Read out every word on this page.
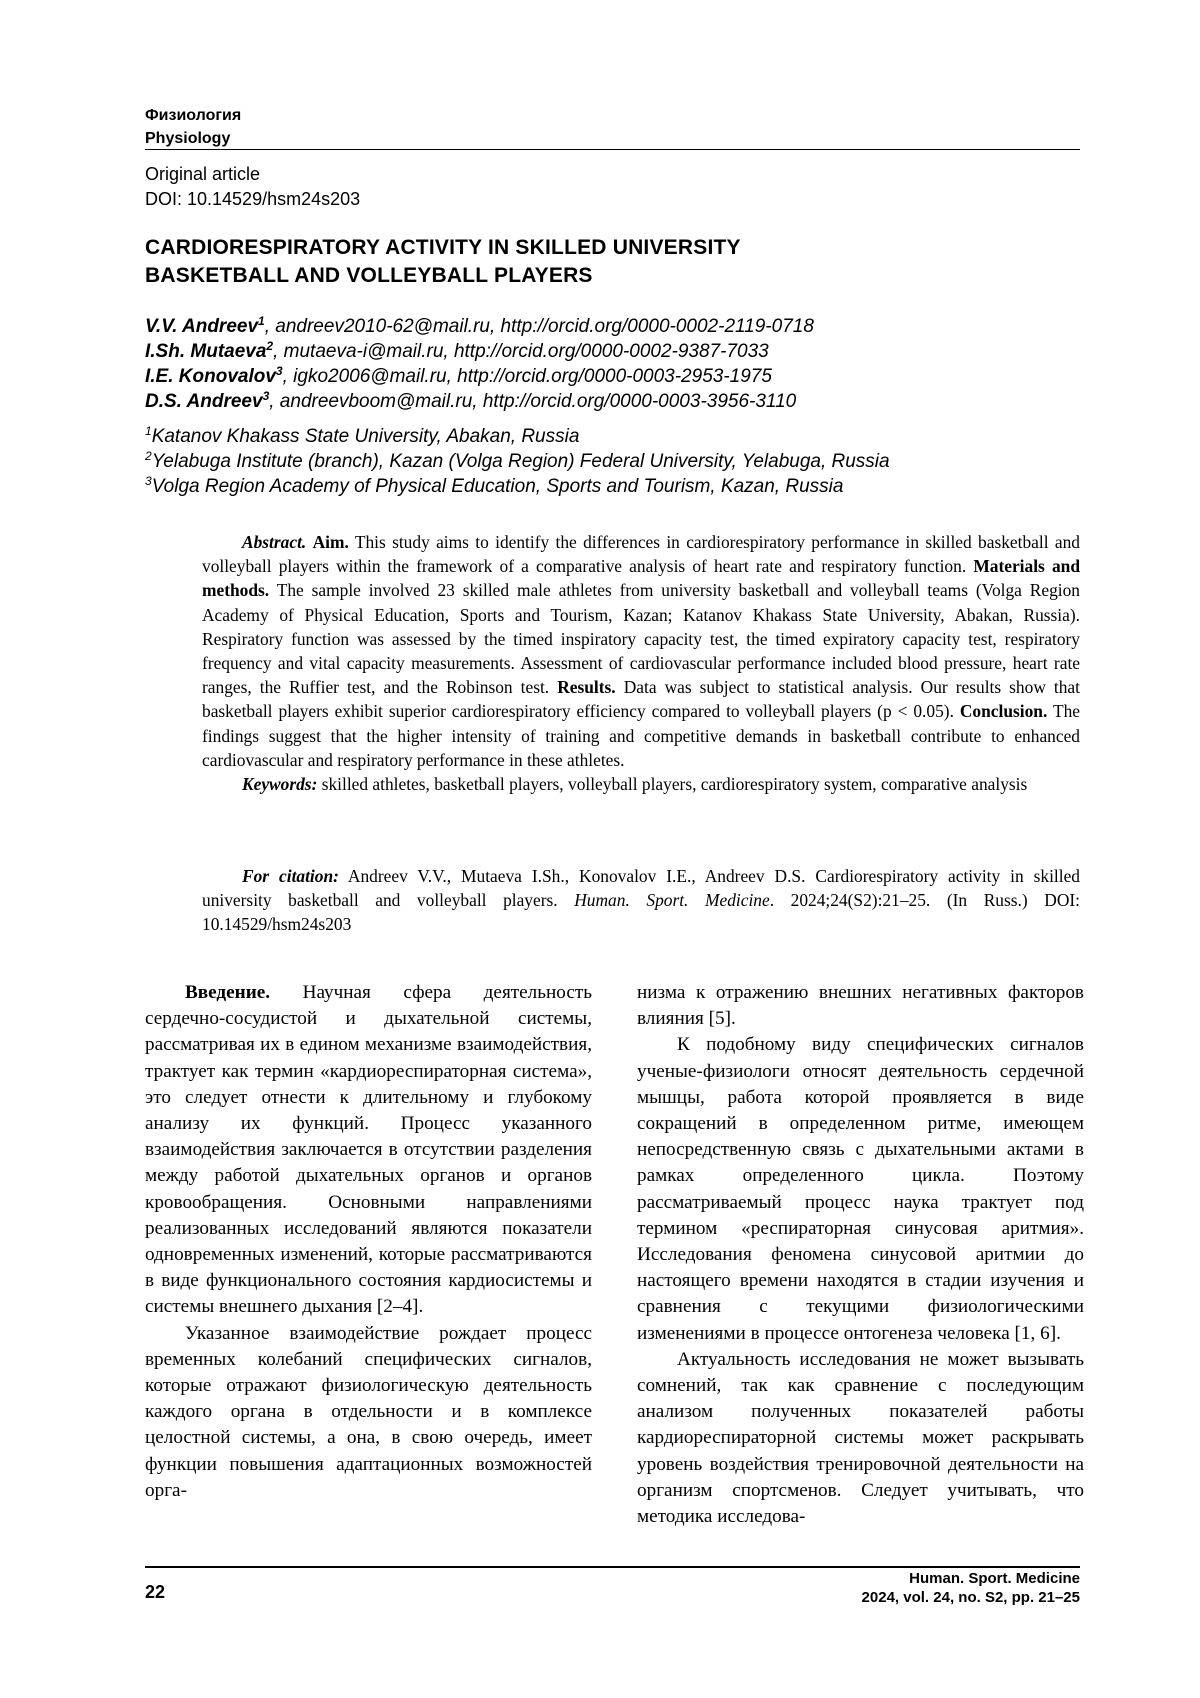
Физиология
Physiology
Original article
DOI: 10.14529/hsm24s203
CARDIORESPIRATORY ACTIVITY IN SKILLED UNIVERSITY
BASKETBALL AND VOLLEYBALL PLAYERS
V.V. Andreev$^1$, andreev2010-62@mail.ru, http://orcid.org/0000-0002-2119-0718
I.Sh. Mutaeva$^2$, mutaeva-i@mail.ru, http://orcid.org/0000-0002-9387-7033
I.E. Konovalov$^3$, igko2006@mail.ru, http://orcid.org/0000-0003-2953-1975
D.S. Andreev$^3$, andreevboom@mail.ru, http://orcid.org/0000-0003-3956-3110
$^1$Katanov Khakass State University, Abakan, Russia
$^2$Yelabuga Institute (branch), Kazan (Volga Region) Federal University, Yelabuga, Russia
$^3$Volga Region Academy of Physical Education, Sports and Tourism, Kazan, Russia

Abstract. Aim. This study aims to identify the differences in cardiorespiratory performance in skilled basketball and volleyball players within the framework of a comparative analysis of heart rate and respiratory function. Materials and methods. The sample involved 23 skilled male athletes from university basketball and volleyball teams (Volga Region Academy of Physical Education, Sports and Tourism, Kazan; Katanov Khakass State University, Abakan, Russia). Respiratory function was assessed by the timed inspiratory capacity test, the timed expiratory capacity test, respiratory frequency and vital capacity measurements. Assessment of cardiovascular performance included blood pressure, heart rate ranges, the Ruffier test, and the Robinson test. Results. Data was subject to statistical analysis. Our results show that basketball players exhibit superior cardiorespiratory efficiency compared to volleyball players (p < 0.05). Conclusion. The findings suggest that the higher intensity of training and competitive demands in basketball contribute to enhanced cardiovascular and respiratory performance in these athletes.

Keywords: skilled athletes, basketball players, volleyball players, cardiorespiratory system, comparative analysis

For citation: Andreev V.V., Mutaeva I.Sh., Konovalov I.E., Andreev D.S. Cardiorespiratory activity in skilled university basketball and volleyball players. Human. Sport. Medicine. 2024;24(S2):21–25. (In Russ.) DOI: 10.14529/hsm24s203

Введение. Научная сфера деятельность сердечно-сосудистой и дыхательной системы, рассматривая их в едином механизме взаимодействия, трактует как термин «кардиореспираторная система», это следует отнести к длительному и глубокому анализу их функций. Процесс указанного взаимодействия заключается в отсутствии разделения между работой дыхательных органов и органов кровообращения. Основными направлениями реализованных исследований являются показатели одновременных изменений, которые рассматриваются в виде функционального состояния кардиосистемы и системы внешнего дыхания [2–4].

Указанное взаимодействие рождает процесс временных колебаний специфических сигналов, которые отражают физиологическую деятельность каждого органа в отдельности и в комплексе целостной системы, а она, в свою очередь, имеет функции повышения адаптационных возможностей орга-

низма к отражению внешних негативных факторов влияния [5].

К подобному виду специфических сигналов ученые-физиологи относят деятельность сердечной мышцы, работа которой проявляется в виде сокращений в определенном ритме, имеющем непосредственную связь с дыхательными актами в рамках определенного цикла. Поэтому рассматриваемый процесс наука трактует под термином «респираторная синусовая аритмия». Исследования феномена синусовой аритмии до настоящего времени находятся в стадии изучения и сравнения с текущими физиологическими изменениями в процессе онтогенеза человека [1, 6].

Актуальность исследования не может вызывать сомнений, так как сравнение с последующим анализом полученных показателей работы кардиореспираторной системы может раскрывать уровень воздействия тренировочной деятельности на организм спортсменов. Следует учитывать, что методика исследова-

22
Human. Sport. Medicine
2024, vol. 24, no. S2, pp. 21–25
